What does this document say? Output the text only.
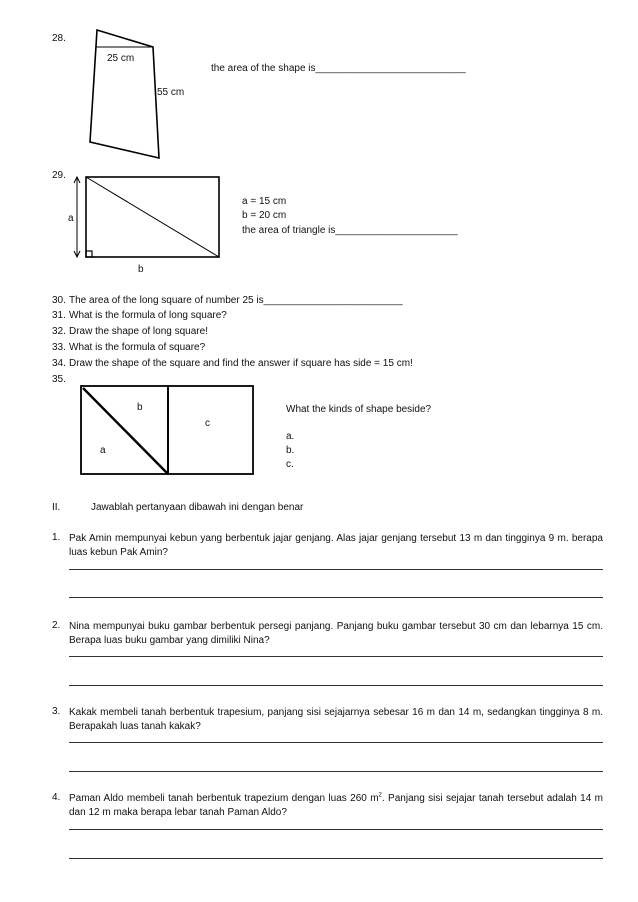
28.
25 cm
55 cm
the area of the shape is___________________________
29.
a
b
a = 15 cm
b = 20 cm
the area of triangle is______________________
30. The area of the long square of number 25 is_________________________
31. What is the formula of long square?
32. Draw the shape of long square!
33. What is the formula of square?
34. Draw the shape of the square and find the answer if square has side = 15 cm!
35.
b
c
a
What the kinds of shape beside?
a.
b.
c.
II.	Jawablah pertanyaan dibawah ini dengan benar
1. Pak Amin mempunyai kebun yang berbentuk jajar genjang. Alas jajar genjang tersebut 13 m dan tingginya 9 m. berapa luas kebun Pak Amin?
2. Nina mempunyai buku gambar berbentuk persegi panjang. Panjang buku gambar tersebut 30 cm dan lebarnya 15 cm. Berapa luas buku gambar yang dimiliki Nina?
3. Kakak membeli tanah berbentuk trapesium, panjang sisi sejajarnya sebesar 16 m dan 14 m, sedangkan tingginya 8 m. Berapakah luas tanah kakak?
4. Paman Aldo membeli tanah berbentuk trapezium dengan luas 260 $m^2$. Panjang sisi sejajar tanah tersebut adalah 14 m dan 12 m maka berapa lebar tanah Paman Aldo?
